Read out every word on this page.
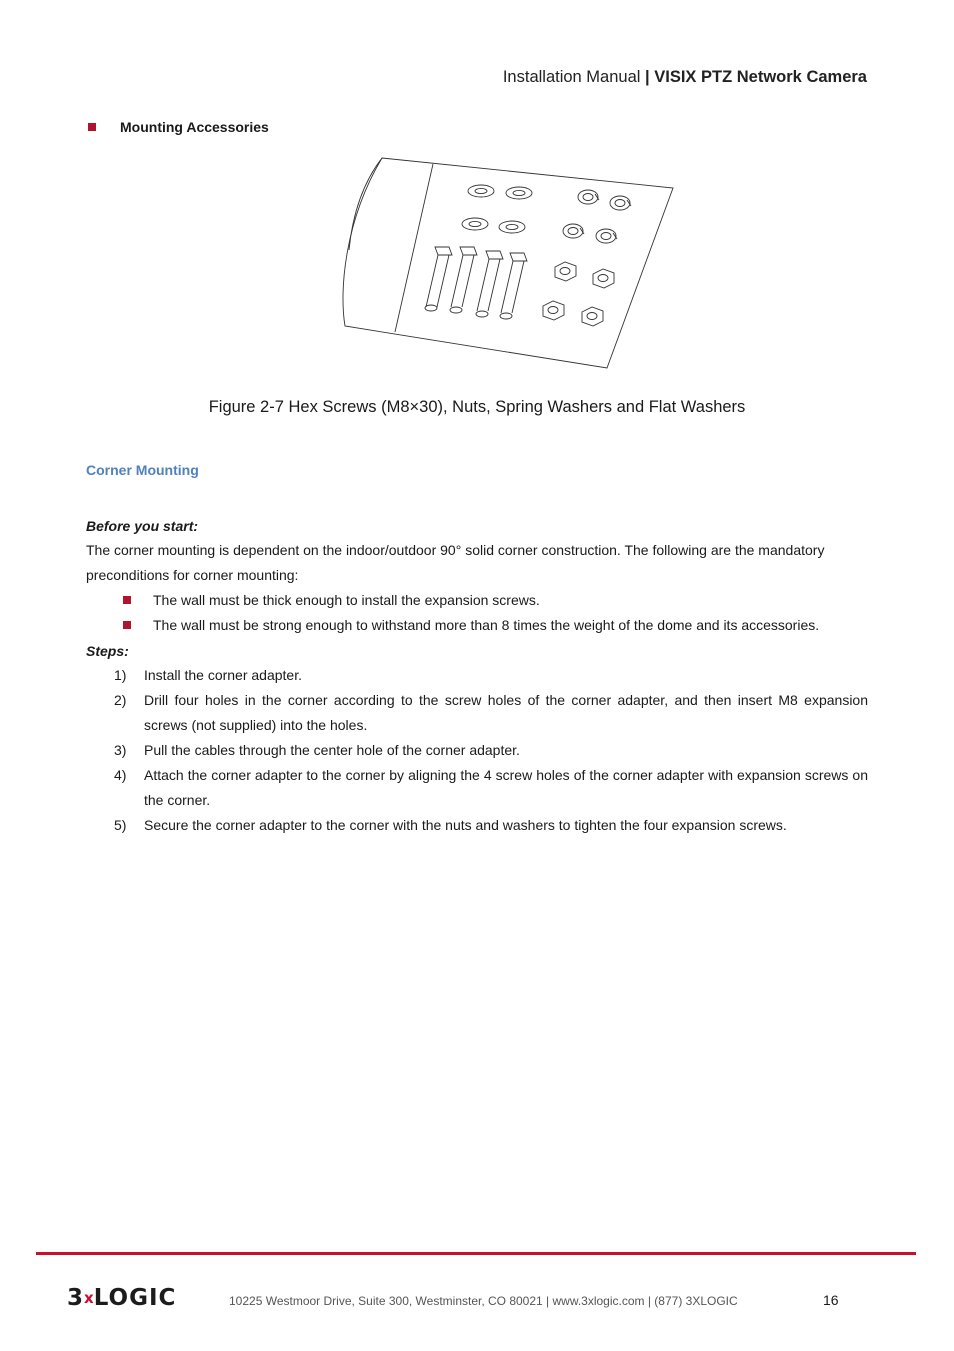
Installation Manual | VISIX PTZ Network Camera
Mounting Accessories
Figure 2-7 Hex Screws (M8×30), Nuts, Spring Washers and Flat Washers
Corner Mounting
Before you start:
The corner mounting is dependent on the indoor/outdoor 90° solid corner construction. The following are the mandatory preconditions for corner mounting:
The wall must be thick enough to install the expansion screws.
The wall must be strong enough to withstand more than 8 times the weight of the dome and its accessories.
Steps:
1) Install the corner adapter.
2) Drill four holes in the corner according to the screw holes of the corner adapter, and then insert M8 expansion screws (not supplied) into the holes.
3) Pull the cables through the center hole of the corner adapter.
4) Attach the corner adapter to the corner by aligning the 4 screw holes of the corner adapter with expansion screws on the corner.
5) Secure the corner adapter to the corner with the nuts and washers to tighten the four expansion screws.
3xLOGIC	10225 Westmoor Drive, Suite 300, Westminster, CO 80021 | www.3xlogic.com | (877) 3XLOGIC	16
